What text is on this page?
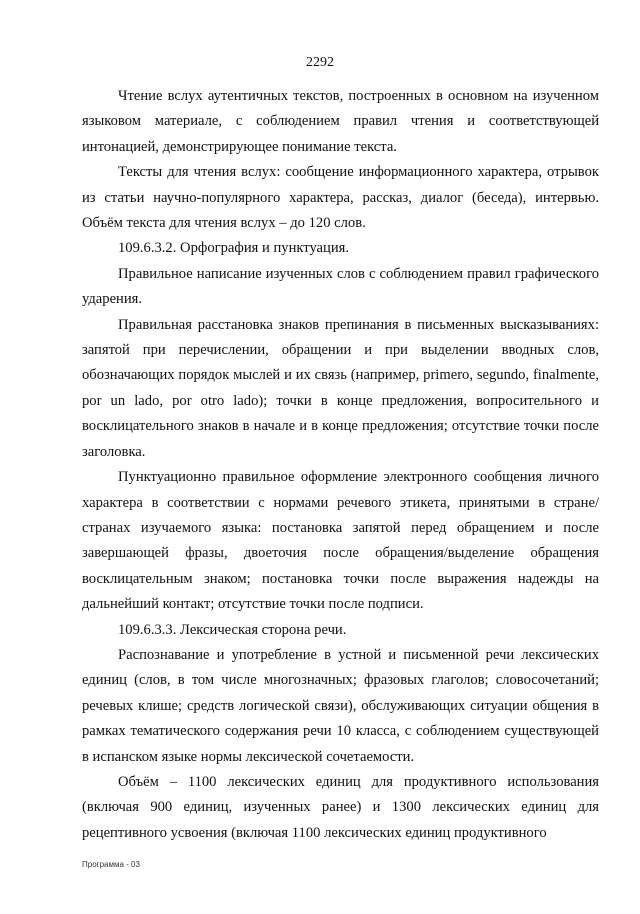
2292

Чтение вслух аутентичных текстов, построенных в основном на изученном языковом материале, с соблюдением правил чтения и соответствующей интонацией, демонстрирующее понимание текста.

Тексты для чтения вслух: сообщение информационного характера, отрывок из статьи научно-популярного характера, рассказ, диалог (беседа), интервью. Объём текста для чтения вслух – до 120 слов.

109.6.3.2. Орфография и пунктуация.

Правильное написание изученных слов с соблюдением правил графического ударения.

Правильная расстановка знаков препинания в письменных высказываниях: запятой при перечислении, обращении и при выделении вводных слов, обозначающих порядок мыслей и их связь (например, primero, segundo, finalmente, por un lado, por otro lado); точки в конце предложения, вопросительного и восклицательного знаков в начале и в конце предложения; отсутствие точки после заголовка.

Пунктуационно правильное оформление электронного сообщения личного характера в соответствии с нормами речевого этикета, принятыми в стране/странах изучаемого языка: постановка запятой перед обращением и после завершающей фразы, двоеточия после обращения/выделение обращения восклицательным знаком; постановка точки после выражения надежды на дальнейший контакт; отсутствие точки после подписи.

109.6.3.3. Лексическая сторона речи.

Распознавание и употребление в устной и письменной речи лексических единиц (слов, в том числе многозначных; фразовых глаголов; словосочетаний; речевых клише; средств логической связи), обслуживающих ситуации общения в рамках тематического содержания речи 10 класса, с соблюдением существующей в испанском языке нормы лексической сочетаемости.

Объём – 1100 лексических единиц для продуктивного использования (включая 900 единиц, изученных ранее) и 1300 лексических единиц для рецептивного усвоения (включая 1100 лексических единиц продуктивного

Программа - 03
